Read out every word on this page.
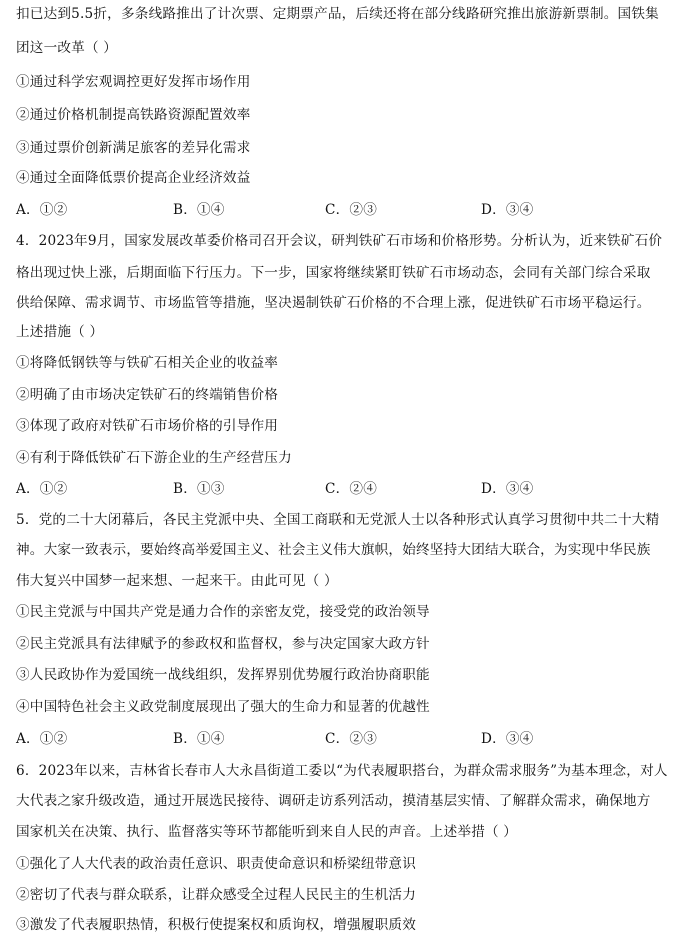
扣已达到5.5折，多条线路推出了计次票、定期票产品，后续还将在部分线路研究推出旅游新票制。国铁集
团这一改革（ ）
①通过科学宏观调控更好发挥市场作用
②通过价格机制提高铁路资源配置效率
③通过票价创新满足旅客的差异化需求
④通过全面降低票价提高企业经济效益
A．①②	B．①④	C．②③	D．③④
4．2023年9月，国家发展改革委价格司召开会议，研判铁矿石市场和价格形势。分析认为，近来铁矿石价
格出现过快上涨，后期面临下行压力。下一步，国家将继续紧盯铁矿石市场动态，会同有关部门综合采取
供给保障、需求调节、市场监管等措施，坚决遏制铁矿石价格的不合理上涨，促进铁矿石市场平稳运行。
上述措施（ ）
①将降低钢铁等与铁矿石相关企业的收益率
②明确了由市场决定铁矿石的终端销售价格
③体现了政府对铁矿石市场价格的引导作用
④有利于降低铁矿石下游企业的生产经营压力
A．①②	B．①③	C．②④	D．③④
5．党的二十大闭幕后，各民主党派中央、全国工商联和无党派人士以各种形式认真学习贯彻中共二十大精
神。大家一致表示，要始终高举爱国主义、社会主义伟大旗帜，始终坚持大团结大联合，为实现中华民族
伟大复兴中国梦一起来想、一起来干。由此可见（ ）
①民主党派与中国共产党是通力合作的亲密友党，接受党的政治领导
②民主党派具有法律赋予的参政权和监督权，参与决定国家大政方针
③人民政协作为爱国统一战线组织，发挥界别优势履行政治协商职能
④中国特色社会主义政党制度展现出了强大的生命力和显著的优越性
A．①②	B．①④	C．②③	D．③④
6．2023年以来，吉林省长春市人大永昌街道工委以“为代表履职搭台，为群众需求服务”为基本理念，对人
大代表之家升级改造，通过开展选民接待、调研走访系列活动，摸清基层实情、了解群众需求，确保地方
国家机关在决策、执行、监督落实等环节都能听到来自人民的声音。上述举措（ ）
①强化了人大代表的政治责任意识、职责使命意识和桥梁纽带意识
②密切了代表与群众联系，让群众感受全过程人民民主的生机活力
③激发了代表履职热情，积极行使提案权和质询权，增强履职质效
